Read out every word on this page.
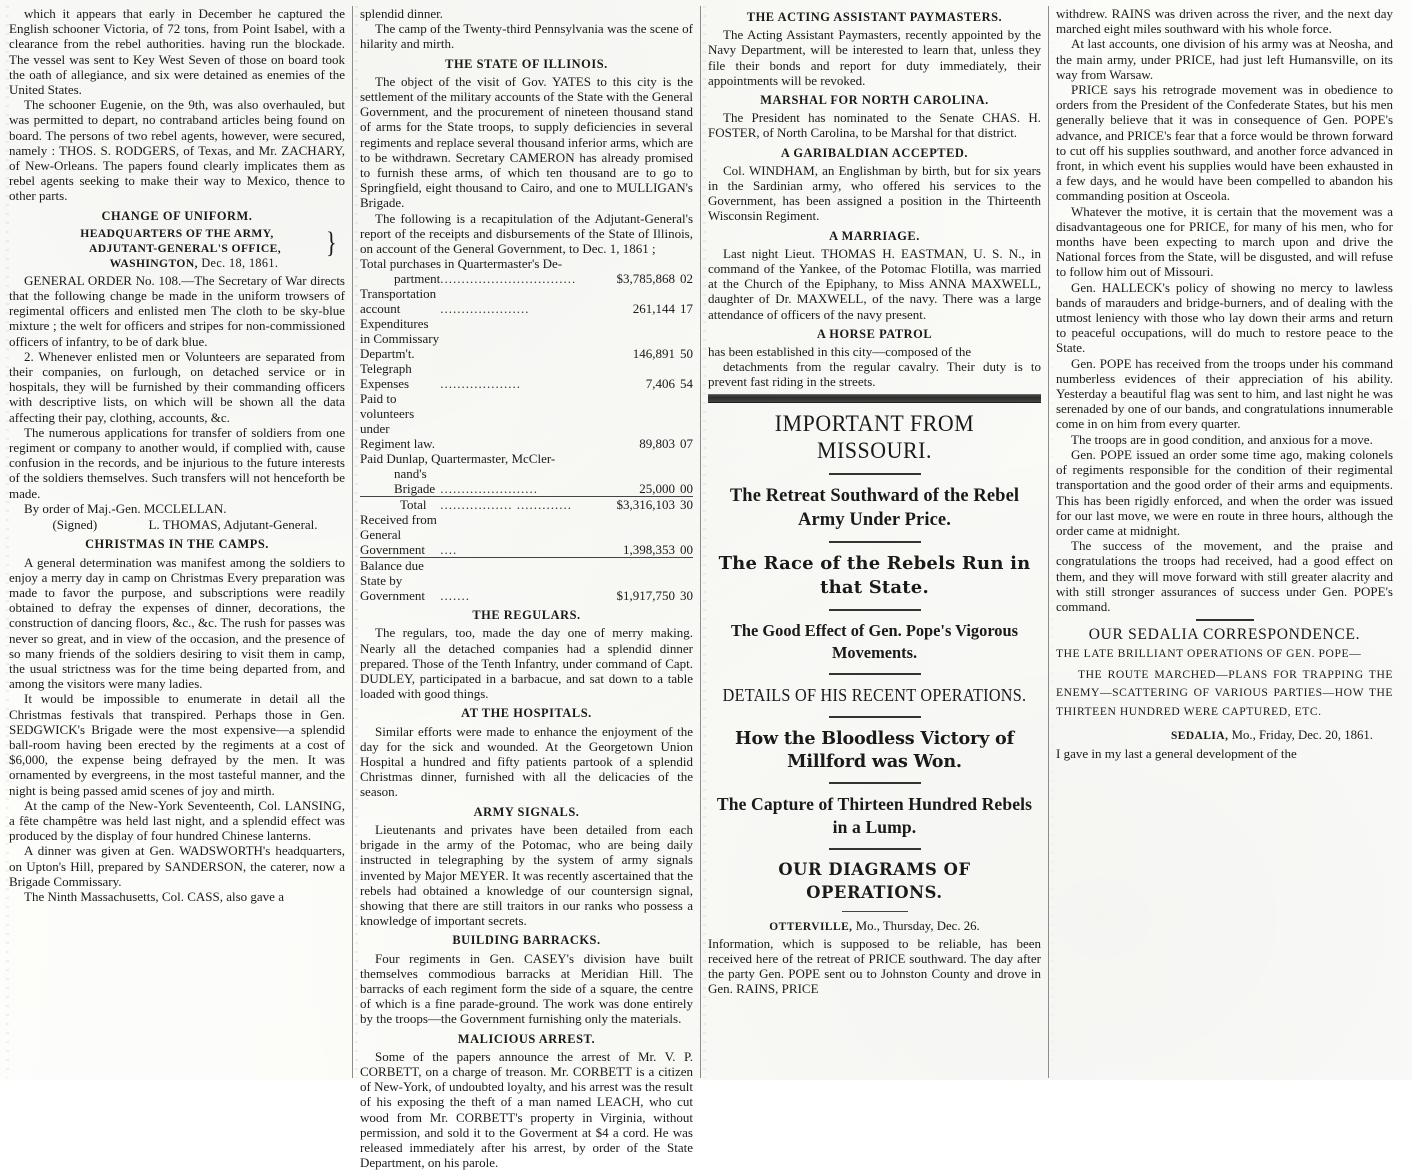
which it appears that early in December he captured the English schooner Victoria, of 72 tons, from Point Isabel, with a clearance from the rebel authorities. having run the blockade. The vessel was sent to Key West Seven of those on board took the oath of allegiance, and six were detained as enemies of the United States.

The schooner Eugenie, on the 9th, was also overhauled, but was permitted to depart, no contraband articles being found on board. The persons of two rebel agents, however, were secured, namely : THOS. S. RODGERS, of Texas, and Mr. ZACHARY, of New-Orleans. The papers found clearly implicates them as rebel agents seeking to make their way to Mexico, thence to other parts.

CHANGE OF UNIFORM.
}
HEADQUARTERS OF THE ARMY,
ADJUTANT-GENERAL'S OFFICE,
WASHINGTON, Dec. 18, 1861.

GENERAL ORDER No. 108.—The Secretary of War directs that the following change be made in the uniform trowsers of regimental officers and enlisted men The cloth to be sky-blue mixture ; the welt for officers and stripes for non-commissioned officers of infantry, to be of dark blue.

2. Whenever enlisted men or Volunteers are separated from their companies, on furlough, on detached service or in hospitals, they will be furnished by their commanding officers with descriptive lists, on which will be shown all the data affecting their pay, clothing, accounts, &c.

The numerous applications for transfer of soldiers from one regiment or company to another would, if complied with, cause confusion in the records, and be injurious to the future interests of the soldiers themselves. Such transfers will not henceforth be made.

By order of Maj.-Gen. MCCLELLAN.

(Signed)	L. THOMAS, Adjutant-General.

CHRISTMAS IN THE CAMPS.

A general determination was manifest among the soldiers to enjoy a merry day in camp on Christmas Every preparation was made to favor the purpose, and subscriptions were readily obtained to defray the expenses of dinner, decorations, the construction of dancing floors, &c., &c. The rush for passes was never so great, and in view of the occasion, and the presence of so many friends of the soldiers desiring to visit them in camp, the usual strictness was for the time being departed from, and among the visitors were many ladies.

It would be impossible to enumerate in detail all the Christmas festivals that transpired. Perhaps those in Gen. SEDGWICK's Brigade were the most expensive—a splendid ball-room having been erected by the regiments at a cost of $6,000, the expense being defrayed by the men. It was ornamented by evergreens, in the most tasteful manner, and the night is being passed amid scenes of joy and mirth.

At the camp of the New-York Seventeenth, Col. LANSING, a fête champêtre was held last night, and a splendid effect was produced by the display of four hundred Chinese lanterns.

A dinner was given at Gen. WADSWORTH's headquarters, on Upton's Hill, prepared by SANDERSON, the caterer, now a Brigade Commissary.

The Ninth Massachusetts, Col. CASS, also gave a

splendid dinner.

The camp of the Twenty-third Pennsylvania was the scene of hilarity and mirth.

THE STATE OF ILLINOIS.

The object of the visit of Gov. YATES to this city is the settlement of the military accounts of the State with the General Government, and the procurement of nineteen thousand stand of arms for the State troops, to supply deficiencies in several regiments and replace several thousand inferior arms, which are to be withdrawn. Secretary CAMERON has already promised to furnish these arms, of which ten thousand are to go to Springfield, eight thousand to Cairo, and one to MULLIGAN's Brigade.

The following is a recapitulation of the Adjutant-General's report of the receipts and disbursements of the State of Illinois, on account of the General Government, to Dec. 1, 1861 ;

Total purchases in Quartermaster's De-			
partment	................................	$3,785,868	02
Transportation account	.....................	261,144	17
Expenditures in Commissary Departm't.		146,891	50
Telegraph Expenses	...................	7,406	54
Paid to volunteers under Regiment law.		89,803	07
Paid Dunlap, Quartermaster, McCler-			
nand's Brigade	.......................	25,000	00
Total	................. .............	$3,316,103	30
Received from General Government	....	1,398,353	00
Balance due State by Government	.......	$1,917,750	30
THE REGULARS.

The regulars, too, made the day one of merry making. Nearly all the detached companies had a splendid dinner prepared. Those of the Tenth Infantry, under command of Capt. DUDLEY, participated in a barbacue, and sat down to a table loaded with good things.

AT THE HOSPITALS.

Similar efforts were made to enhance the enjoyment of the day for the sick and wounded. At the Georgetown Union Hospital a hundred and fifty patients partook of a splendid Christmas dinner, furnished with all the delicacies of the season.

ARMY SIGNALS.

Lieutenants and privates have been detailed from each brigade in the army of the Potomac, who are being daily instructed in telegraphing by the system of army signals invented by Major MEYER. It was recently ascertained that the rebels had obtained a knowledge of our countersign signal, showing that there are still traitors in our ranks who possess a knowledge of important secrets.

BUILDING BARRACKS.

Four regiments in Gen. CASEY's division have built themselves commodious barracks at Meridian Hill. The barracks of each regiment form the side of a square, the centre of which is a fine parade-ground. The work was done entirely by the troops—the Government furnishing only the materials.

MALICIOUS ARREST.

Some of the papers announce the arrest of Mr. V. P. CORBETT, on a charge of treason. Mr. CORBETT is a citizen of New-York, of undoubted loyalty, and his arrest was the result of his exposing the theft of a man named LEACH, who cut wood from Mr. CORBETT's property in Virginia, without permission, and sold it to the Goverment at $4 a cord. He was released immediately after his arrest, by order of the State Department, on his parole.

THE ACTING ASSISTANT PAYMASTERS.

The Acting Assistant Paymasters, recently appointed by the Navy Department, will be interested to learn that, unless they file their bonds and report for duty immediately, their appointments will be revoked.

MARSHAL FOR NORTH CAROLINA.

The President has nominated to the Senate CHAS. H. FOSTER, of North Carolina, to be Marshal for that district.

A GARIBALDIAN ACCEPTED.

Col. WINDHAM, an Englishman by birth, but for six years in the Sardinian army, who offered his services to the Government, has been assigned a position in the Thirteenth Wisconsin Regiment.

A MARRIAGE.

Last night Lieut. THOMAS H. EASTMAN, U. S. N., in command of the Yankee, of the Potomac Flotilla, was married at the Church of the Epiphany, to Miss ANNA MAXWELL, daughter of Dr. MAXWELL, of the navy. There was a large attendance of officers of the navy present.

A HORSE PATROL

has been established in this city—composed of the

detachments from the regular cavalry. Their duty is to prevent fast riding in the streets.

IMPORTANT FROM MISSOURI.
The Retreat Southward of the Rebel Army Under Price.
The Race of the Rebels Run in that State.
The Good Effect of Gen. Pope's Vigorous Movements.
DETAILS OF HIS RECENT OPERATIONS.
How the Bloodless Victory of Millford was Won.
The Capture of Thirteen Hundred Rebels in a Lump.
OUR DIAGRAMS OF OPERATIONS.

OTTERVILLE, Mo., Thursday, Dec. 26.

Information, which is supposed to be reliable, has been received here of the retreat of PRICE southward. The day after the party Gen. POPE sent ou to Johnston County and drove in Gen. RAINS, PRICE

withdrew. RAINS was driven across the river, and the next day marched eight miles southward with his whole force.

At last accounts, one division of his army was at Neosha, and the main army, under PRICE, had just left Humansville, on its way from Warsaw.

PRICE says his retrograde movement was in obedience to orders from the President of the Confederate States, but his men generally believe that it was in consequence of Gen. POPE's advance, and PRICE's fear that a force would be thrown forward to cut off his supplies southward, and another force advanced in front, in which event his supplies would have been exhausted in a few days, and he would have been compelled to abandon his commanding position at Osceola.

Whatever the motive, it is certain that the movement was a disadvantageous one for PRICE, for many of his men, who for months have been expecting to march upon and drive the National forces from the State, will be disgusted, and will refuse to follow him out of Missouri.

Gen. HALLECK's policy of showing no mercy to lawless bands of marauders and bridge-burners, and of dealing with the utmost leniency with those who lay down their arms and return to peaceful occupations, will do much to restore peace to the State.

Gen. POPE has received from the troops under his command numberless evidences of their appreciation of his ability. Yesterday a beautiful flag was sent to him, and last night he was serenaded by one of our bands, and congratulations innumerable come in on him from every quarter.

The troops are in good condition, and anxious for a move.

Gen. POPE issued an order some time ago, making colonels of regiments responsible for the condition of their regimental transportation and the good order of their arms and equipments. This has been rigidly enforced, and when the order was issued for our last move, we were en route in three hours, although the order came at midnight.

The success of the movement, and the praise and congratulations the troops had received, had a good effect on them, and they will move forward with still greater alacrity and with still stronger assurances of success under Gen. POPE's command.

OUR SEDALIA CORRESPONDENCE.
THE LATE BRILLIANT OPERATIONS OF GEN. POPE—
THE ROUTE MARCHED—PLANS FOR TRAPPING THE ENEMY—SCATTERING OF VARIOUS PARTIES—HOW THE THIRTEEN HUNDRED WERE CAPTURED, ETC.

SEDALIA, Mo., Friday, Dec. 20, 1861.

I gave in my last a general development of the
